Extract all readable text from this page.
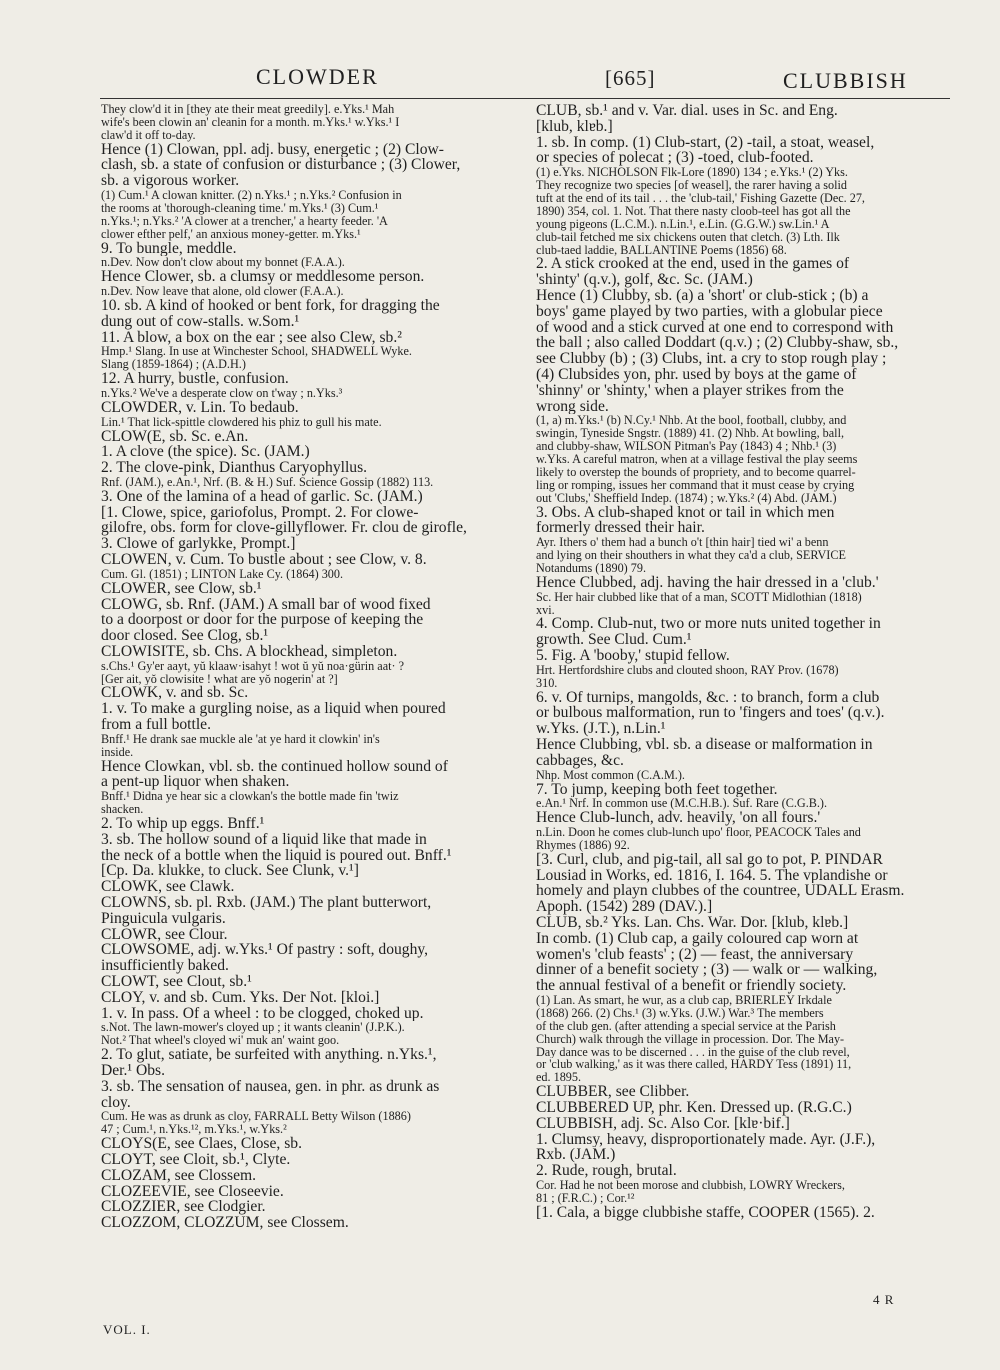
CLOWDER	[665]	CLUBBISH
They clow'd it in [they ate their meat greedily]. e.Yks.¹ Mah
wife's been clowin an' cleanin for a month. m.Yks.¹ w.Yks.¹ I
claw'd it off to-day.
Hence (1) Clowan, ppl. adj. busy, energetic ; (2) Clow-
clash, sb. a state of confusion or disturbance ; (3) Clower,
sb. a vigorous worker.
(1) Cum.¹ A clowan knitter. (2) n.Yks.¹ ; n.Yks.² Confusion in
the rooms at 'thorough-cleaning time.' m.Yks.¹ (3) Cum.¹
n.Yks.¹; n.Yks.² 'A clower at a trencher,' a hearty feeder. 'A
clower efther pelf,' an anxious money-getter. m.Yks.¹
9. To bungle, meddle.
n.Dev. Now don't clow about my bonnet (F.A.A.).
Hence Clower, sb. a clumsy or meddlesome person.
n.Dev. Now leave that alone, old clower (F.A.A.).
10. sb. A kind of hooked or bent fork, for dragging the
dung out of cow-stalls. w.Som.¹
11. A blow, a box on the ear ; see also Clew, sb.²
Hmp.¹ Slang. In use at Winchester School, SHADWELL Wyke.
Slang (1859-1864) ; (A.D.H.)
12. A hurry, bustle, confusion.
n.Yks.² We've a desperate clow on t'way ; n.Yks.³
CLOWDER, v. Lin. To bedaub.
Lin.¹ That lick-spittle clowdered his phiz to gull his mate.
CLOW(E, sb. Sc. e.An.
1. A clove (the spice). Sc. (JAM.)
2. The clove-pink, Dianthus Caryophyllus.
Rnf. (JAM.), e.An.¹, Nrf. (B. & H.) Suf. Science Gossip (1882) 113.
3. One of the lamina of a head of garlic. Sc. (JAM.)
[1. Clowe, spice, gariofolus, Prompt. 2. For clowe-
gilofre, obs. form for clove-gillyflower. Fr. clou de girofle,
3. Clowe of garlykke, Prompt.]
CLOWEN, v. Cum. To bustle about ; see Clow, v. 8.
Cum. Gl. (1851) ; LINTON Lake Cy. (1864) 300.
CLOWER, see Clow, sb.¹
CLOWG, sb. Rnf. (JAM.) A small bar of wood fixed
to a doorpost or door for the purpose of keeping the
door closed. See Clog, sb.¹
CLOWISITE, sb. Chs. A blockhead, simpleton.
s.Chs.¹ Gy'er aayt, yŭ klaaw·isahyt ! wot ŭ yŭ noa·gürin aat· ?
[Ger ait, yŏ clowisite ! what are yŏ nogerin' at ?]
CLOWK, v. and sb. Sc.
1. v. To make a gurgling noise, as a liquid when poured
from a full bottle.
Bnff.¹ He drank sae muckle ale 'at ye hard it clowkin' in's
inside.
Hence Clowkan, vbl. sb. the continued hollow sound of
a pent-up liquor when shaken.
Bnff.¹ Didna ye hear sic a clowkan's the bottle made fin 'twiz
shacken.
2. To whip up eggs. Bnff.¹
3. sb. The hollow sound of a liquid like that made in
the neck of a bottle when the liquid is poured out. Bnff.¹
[Cp. Da. klukke, to cluck. See Clunk, v.¹]
CLOWK, see Clawk.
CLOWNS, sb. pl. Rxb. (JAM.) The plant butterwort,
Pinguicula vulgaris.
CLOWR, see Clour.
CLOWSOME, adj. w.Yks.¹ Of pastry : soft, doughy,
insufficiently baked.
CLOWT, see Clout, sb.¹
CLOY, v. and sb. Cum. Yks. Der Not. [kloi.]
1. v. In pass. Of a wheel : to be clogged, choked up.
s.Not. The lawn-mower's cloyed up ; it wants cleanin' (J.P.K.).
Not.² That wheel's cloyed wi' muk an' waint goo.
2. To glut, satiate, be surfeited with anything. n.Yks.¹,
Der.¹ Obs.
3. sb. The sensation of nausea, gen. in phr. as drunk as
cloy.
Cum. He was as drunk as cloy, FARRALL Betty Wilson (1886)
47 ; Cum.¹, n.Yks.¹², m.Yks.¹, w.Yks.²
CLOYS(E, see Claes, Close, sb.
CLOYT, see Cloit, sb.¹, Clyte.
CLOZAM, see Clossem.
CLOZEEVIE, see Closeevie.
CLOZZIER, see Clodgier.
CLOZZOM, CLOZZUM, see Clossem.
CLUB, sb.¹ and v. Var. dial. uses in Sc. and Eng.
[klub, klɐb.]
1. sb. In comp. (1) Club-start, (2) -tail, a stoat, weasel,
or species of polecat ; (3) -toed, club-footed.
(1) e.Yks. NICHOLSON Flk-Lore (1890) 134 ; e.Yks.¹ (2) Yks.
They recognize two species [of weasel], the rarer having a solid
tuft at the end of its tail . . . the 'club-tail,' Fishing Gazette (Dec. 27,
1890) 354, col. 1. Not. That there nasty cloob-teel has got all the
young pigeons (L.C.M.). n.Lin.¹, e.Lin. (G.G.W.) sw.Lin.¹ A
club-tail fetched me six chickens outen that cletch. (3) Lth. Ilk
club-taed laddie, BALLANTINE Poems (1856) 68.
2. A stick crooked at the end, used in the games of
'shinty' (q.v.), golf, &c. Sc. (JAM.)
Hence (1) Clubby, sb. (a) a 'short' or club-stick ; (b) a
boys' game played by two parties, with a globular piece
of wood and a stick curved at one end to correspond with
the ball ; also called Doddart (q.v.) ; (2) Clubby-shaw, sb.,
see Clubby (b) ; (3) Clubs, int. a cry to stop rough play ;
(4) Clubsides yon, phr. used by boys at the game of
'shinny' or 'shinty,' when a player strikes from the
wrong side.
(1, a) m.Yks.¹ (b) N.Cy.¹ Nhb. At the bool, football, clubby, and
swingin, Tyneside Sngstr. (1889) 41. (2) Nhb. At bowling, ball,
and clubby-shaw, WILSON Pitman's Pay (1843) 4 ; Nhb.¹ (3)
w.Yks. A careful matron, when at a village festival the play seems
likely to overstep the bounds of propriety, and to become quarrel-
ling or romping, issues her command that it must cease by crying
out 'Clubs,' Sheffield Indep. (1874) ; w.Yks.² (4) Abd. (JAM.)
3. Obs. A club-shaped knot or tail in which men
formerly dressed their hair.
Ayr. Ithers o' them had a bunch o't [thin hair] tied wi' a benn
and lying on their shouthers in what they ca'd a club, SERVICE
Notandums (1890) 79.
Hence Clubbed, adj. having the hair dressed in a 'club.'
Sc. Her hair clubbed like that of a man, SCOTT Midlothian (1818)
xvi.
4. Comp. Club-nut, two or more nuts united together in
growth. See Clud. Cum.¹
5. Fig. A 'booby,' stupid fellow.
Hrt. Hertfordshire clubs and clouted shoon, RAY Prov. (1678)
310.
6. v. Of turnips, mangolds, &c. : to branch, form a club
or bulbous malformation, run to 'fingers and toes' (q.v.).
w.Yks. (J.T.), n.Lin.¹
Hence Clubbing, vbl. sb. a disease or malformation in
cabbages, &c.
Nhp. Most common (C.A.M.).
7. To jump, keeping both feet together.
e.An.¹ Nrf. In common use (M.C.H.B.). Suf. Rare (C.G.B.).
Hence Club-lunch, adv. heavily, 'on all fours.'
n.Lin. Doon he comes club-lunch upo' floor, PEACOCK Tales and
Rhymes (1886) 92.
[3. Curl, club, and pig-tail, all sal go to pot, P. PINDAR
Lousiad in Works, ed. 1816, I. 164. 5. The vplandishe or
homely and playn clubbes of the countree, UDALL Erasm.
Apoph. (1542) 289 (DAV.).]
CLUB, sb.² Yks. Lan. Chs. War. Dor. [klub, klɐb.]
In comb. (1) Club cap, a gaily coloured cap worn at
women's 'club feasts' ; (2) — feast, the anniversary
dinner of a benefit society ; (3) — walk or — walking,
the annual festival of a benefit or friendly society.
(1) Lan. As smart, he wur, as a club cap, BRIERLEY Irkdale
(1868) 266. (2) Chs.¹ (3) w.Yks. (J.W.) War.³ The members
of the club gen. (after attending a special service at the Parish
Church) walk through the village in procession. Dor. The May-
Day dance was to be discerned . . . in the guise of the club revel,
or 'club walking,' as it was there called, HARDY Tess (1891) 11,
ed. 1895.
CLUBBER, see Clibber.
CLUBBERED UP, phr. Ken. Dressed up. (R.G.C.)
CLUBBISH, adj. Sc. Also Cor. [klɐ·bif.]
1. Clumsy, heavy, disproportionately made. Ayr. (J.F.),
Rxb. (JAM.)
2. Rude, rough, brutal.
Cor. Had he not been morose and clubbish, LOWRY Wreckers,
81 ; (F.R.C.) ; Cor.¹²
[1. Cala, a bigge clubbishe staffe, COOPER (1565). 2.
VOL. I.
4 R
